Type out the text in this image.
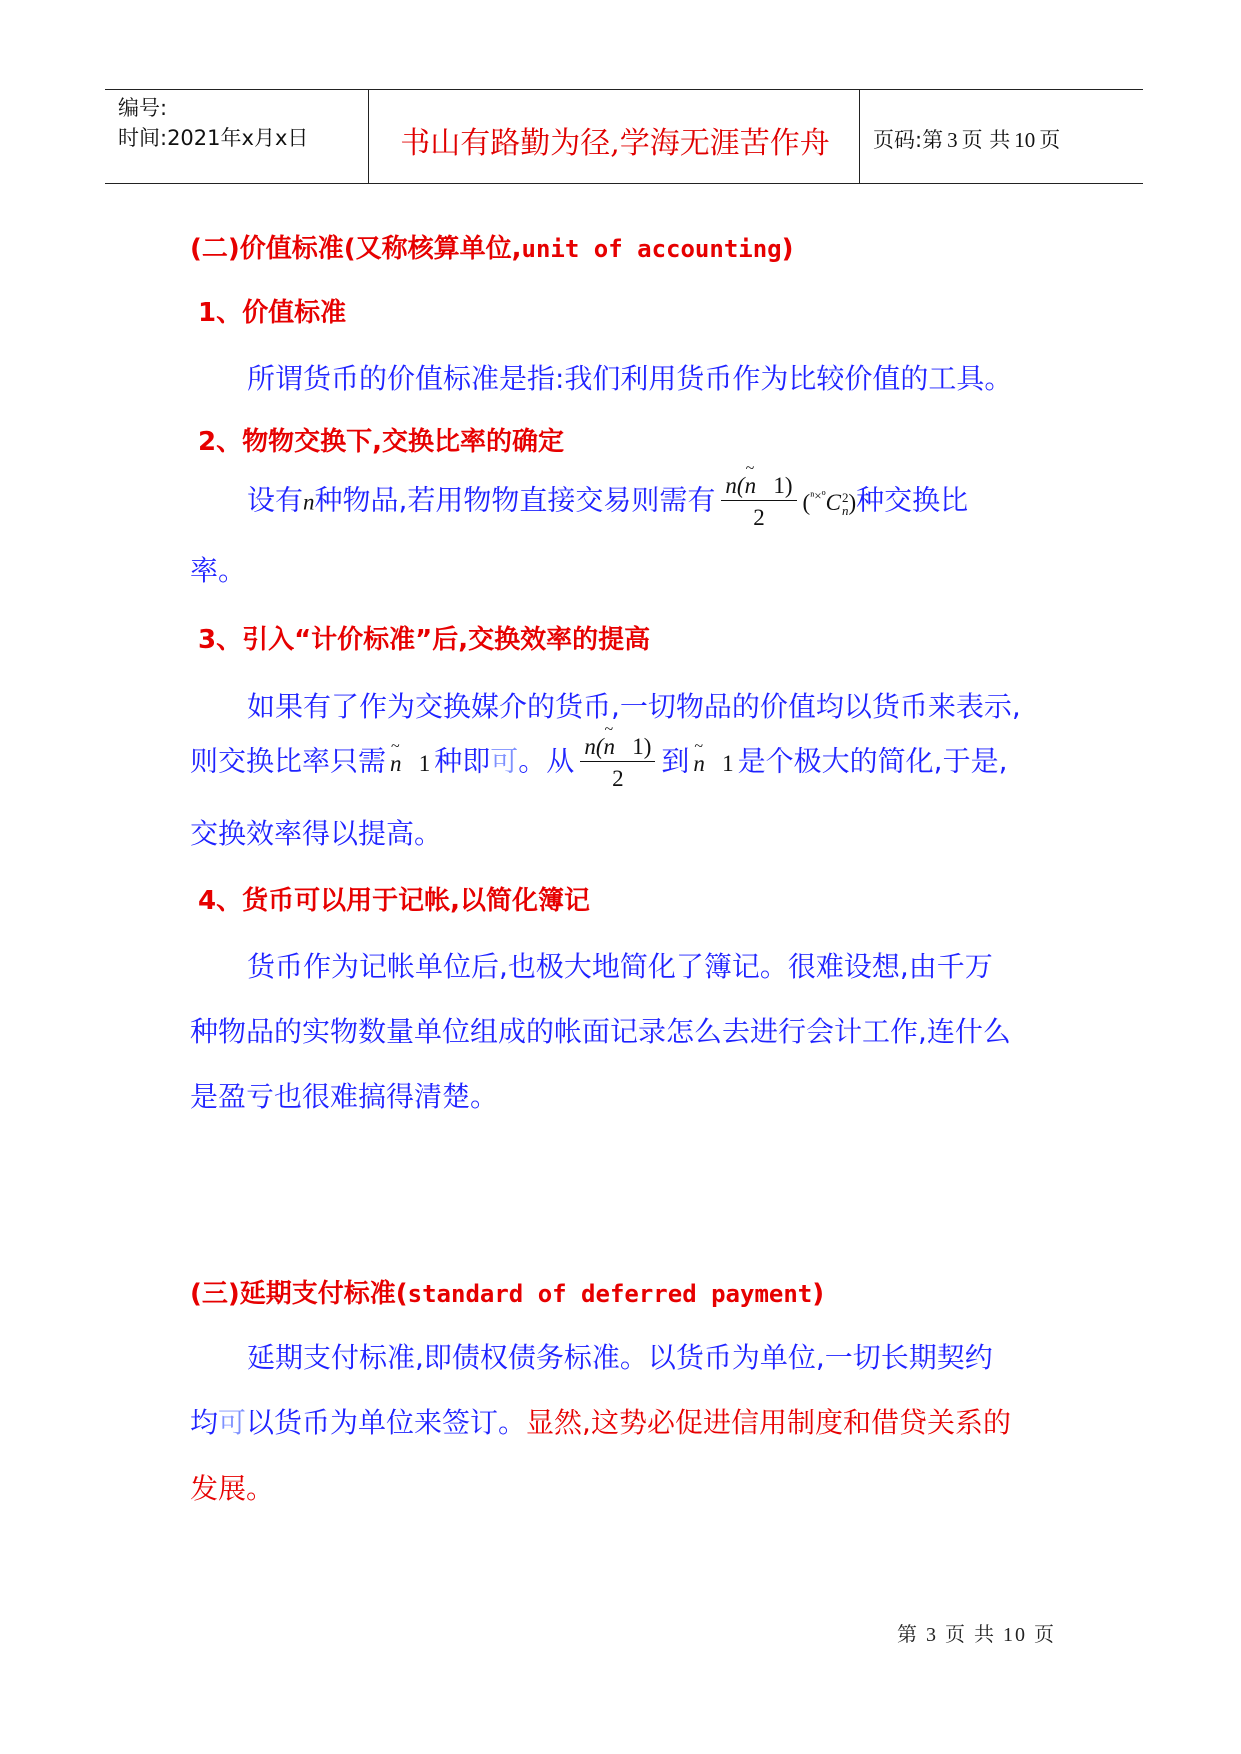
编号:
时间:2021年x月x日	书山有路勤为径,学海无涯苦作舟	页码:第 3 页 共 10 页
(二)价值标准(又称核算单位,unit of accounting)
1、价值标准
所谓货币的价值标准是指:我们利用货币作为比较价值的工具。
2、物物交换下,交换比率的确定
设有n种物品,若用物物直接交易则需有 $\frac{n(\sim n 1)}{2} (^{^n\times º}C$ 2
n )种交换比
率。
3、引入“计价标准”后,交换效率的提高
如果有了作为交换媒介的货币,一切物品的价值均以货币来表示,
则交换比率只需 ~ n 1 种即可。从 $\frac{n(\sim n 1)}{2}$ 到 ~ n 1 是个极大的简化,于是,
交换效率得以提高。
4、货币可以用于记帐,以简化簿记
货币作为记帐单位后,也极大地简化了簿记。很难设想,由千万
种物品的实物数量单位组成的帐面记录怎么去进行会计工作,连什么
是盈亏也很难搞得清楚。
(三)延期支付标准(standard of deferred payment)
延期支付标准,即债权债务标准。以货币为单位,一切长期契约
均可以货币为单位来签订。显然,这势必促进信用制度和借贷关系的
发展。
第 3 页 共 10 页
